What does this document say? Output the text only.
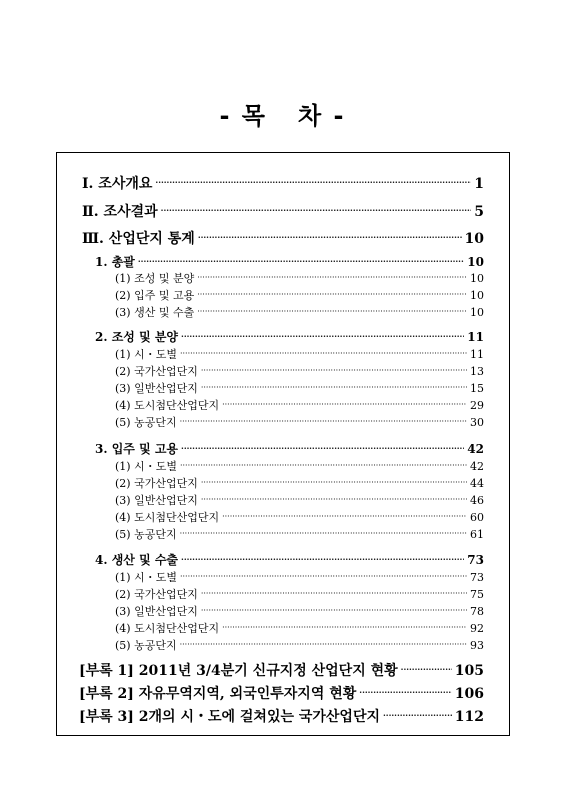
- 목   차 -
Ⅰ. 조사개요 ·····	1
Ⅱ. 조사결과 ·····	5
Ⅲ. 산업단지 통계 ·····	10
1. 총괄 ·····	10
(1) 조성 및 분양 ·····	10
(2) 입주 및 고용 ·····	10
(3) 생산 및 수출 ·····	10
2. 조성 및 분양 ·····	11
(1) 시・도별 ·····	11
(2) 국가산업단지 ·····	13
(3) 일반산업단지 ·····	15
(4) 도시첨단산업단지 ·····	29
(5) 농공단지 ·····	30
3. 입주 및 고용 ·····	42
(1) 시・도별 ·····	42
(2) 국가산업단지 ·····	44
(3) 일반산업단지 ·····	46
(4) 도시첨단산업단지 ·····	60
(5) 농공단지 ·····	61
4. 생산 및 수출 ·····	73
(1) 시・도별 ·····	73
(2) 국가산업단지 ·····	75
(3) 일반산업단지 ·····	78
(4) 도시첨단산업단지 ·····	92
(5) 농공단지 ·····	93
[부록 1] 2011년 3/4분기 신규지정 산업단지 현황 ·····	105
[부록 2] 자유무역지역, 외국인투자지역 현황 ·····	106
[부록 3] 2개의 시・도에 걸쳐있는 국가산업단지 ·····	112
